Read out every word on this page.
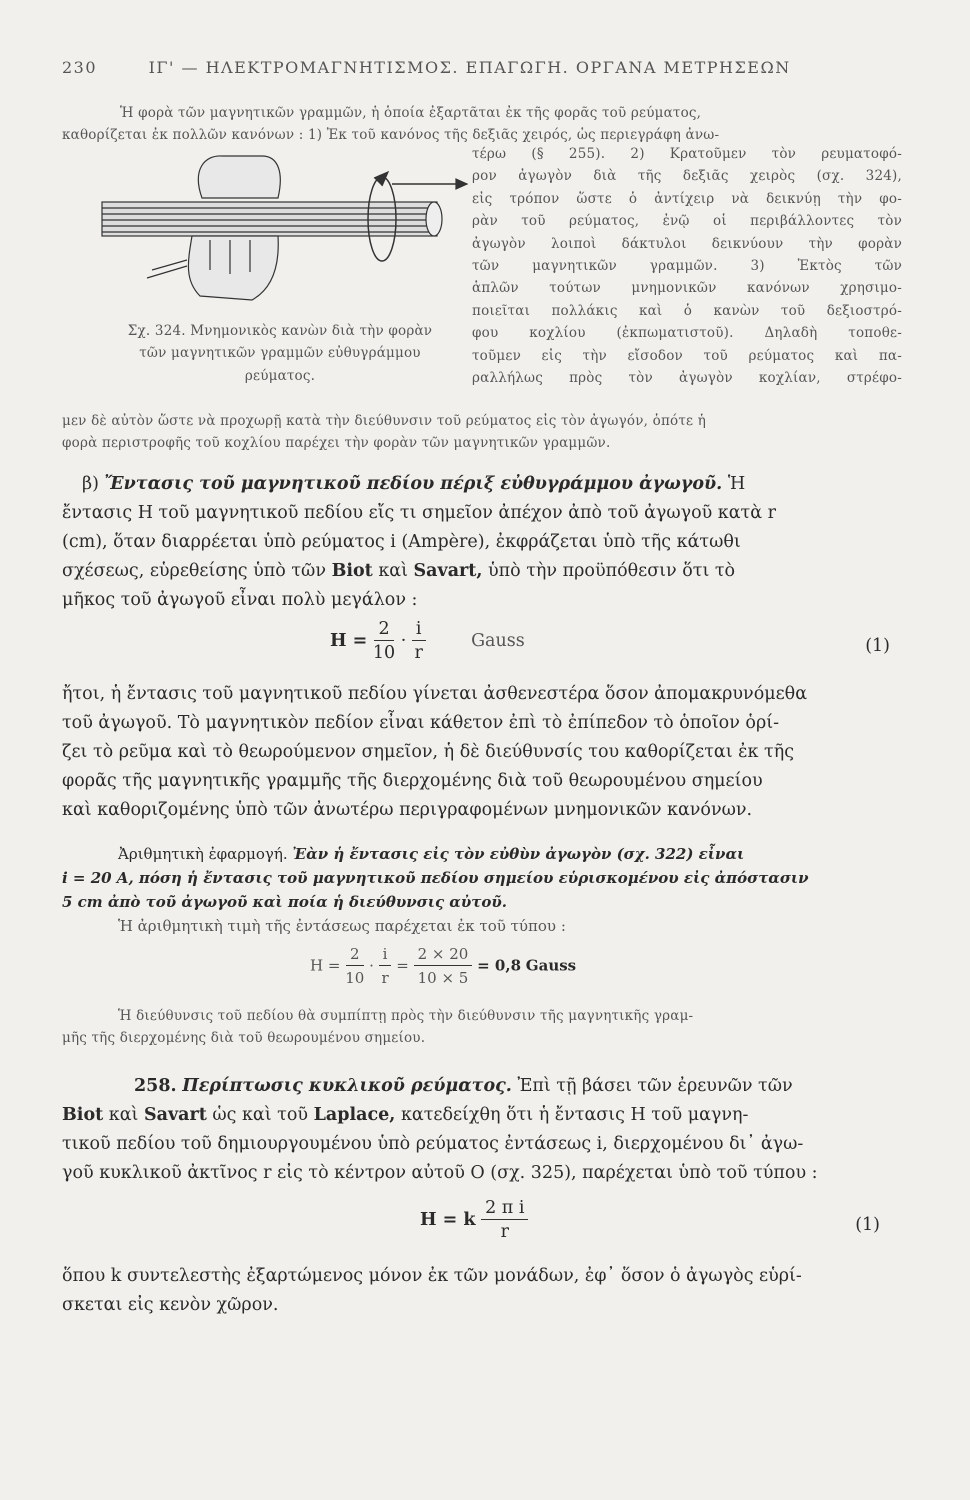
230	ΙΓ' — ΗΛΕΚΤΡΟΜΑΓΝΗΤΙΣΜΟΣ. ΕΠΑΓΩΓΗ. ΟΡΓΑΝΑ ΜΕΤΡΗΣΕΩΝ
Ἡ φορὰ τῶν μαγνητικῶν γραμμῶν, ἡ ὁποία ἐξαρτᾶται ἐκ τῆς φορᾶς τοῦ ρεύματος,
καθορίζεται ἐκ πολλῶν κανόνων : 1) Ἐκ τοῦ κανόνος τῆς δεξιᾶς χειρός, ὡς περιεγράφη ἀνω-
Σχ. 324. Μνημονικὸς κανὼν διὰ τὴν φορὰν
τῶν μαγνητικῶν γραμμῶν εὐθυγράμμου
ρεύματος.
τέρω (§ 255). 2) Κρατοῦμεν τὸν ρευματοφό-
ρον ἀγωγὸν διὰ τῆς δεξιᾶς χειρὸς (σχ. 324),
εἰς τρόπον ὥστε ὁ ἀντίχειρ νὰ δεικνύῃ τὴν φο-
ρὰν τοῦ ρεύματος, ἐνῷ οἱ περιβάλλοντες τὸν
ἀγωγὸν λοιποὶ δάκτυλοι δεικνύουν τὴν φορὰν
τῶν μαγνητικῶν γραμμῶν. 3) Ἐκτὸς τῶν
ἁπλῶν τούτων μνημονικῶν κανόνων χρησιμο-
ποιεῖται πολλάκις καὶ ὁ κανὼν τοῦ δεξιοστρό-
φου κοχλίου (ἐκπωματιστοῦ). Δηλαδὴ τοποθε-
τοῦμεν εἰς τὴν εἴσοδον τοῦ ρεύματος καὶ πα-
ραλλήλως πρὸς τὸν ἀγωγὸν κοχλίαν, στρέφο-
μεν δὲ αὐτὸν ὥστε νὰ προχωρῇ κατὰ τὴν διεύθυνσιν τοῦ ρεύματος εἰς τὸν ἀγωγόν, ὁπότε ἡ
φορὰ περιστροφῆς τοῦ κοχλίου παρέχει τὴν φορὰν τῶν μαγνητικῶν γραμμῶν.
β) Ἔντασις τοῦ μαγνητικοῦ πεδίου πέριξ εὐθυγράμμου ἀγωγοῦ. Ἡ
ἔντασις H τοῦ μαγνητικοῦ πεδίου εἴς τι σημεῖον ἀπέχον ἀπὸ τοῦ ἀγωγοῦ κατὰ r
(cm), ὅταν διαρρέεται ὑπὸ ρεύματος i (Ampère), ἐκφράζεται ὑπὸ τῆς κάτωθι
σχέσεως, εὑρεθείσης ὑπὸ τῶν Biot καὶ Savart, ὑπὸ τὴν προϋπόθεσιν ὅτι τὸ
μῆκος τοῦ ἀγωγοῦ εἶναι πολὺ μεγάλον :
$H = \frac{2}{10} \cdot \frac{i}{r}$	Gauss	(1)
ἤτοι, ἡ ἔντασις τοῦ μαγνητικοῦ πεδίου γίνεται ἀσθενεστέρα ὅσον ἀπομακρυνόμεθα
τοῦ ἀγωγοῦ. Τὸ μαγνητικὸν πεδίον εἶναι κάθετον ἐπὶ τὸ ἐπίπεδον τὸ ὁποῖον ὁρί-
ζει τὸ ρεῦμα καὶ τὸ θεωρούμενον σημεῖον, ἡ δὲ διεύθυνσίς του καθορίζεται ἐκ τῆς
φορᾶς τῆς μαγνητικῆς γραμμῆς τῆς διερχομένης διὰ τοῦ θεωρουμένου σημείου
καὶ καθοριζομένης ὑπὸ τῶν ἀνωτέρω περιγραφομένων μνημονικῶν κανόνων.
Ἀριθμητικὴ ἐφαρμογή. Ἐὰν ἡ ἔντασις εἰς τὸν εὐθὺν ἀγωγὸν (σχ. 322) εἶναι
i = 20 A, πόση ἡ ἔντασις τοῦ μαγνητικοῦ πεδίου σημείου εὑρισκομένου εἰς ἀπόστασιν
5 cm ἀπὸ τοῦ ἀγωγοῦ καὶ ποία ἡ διεύθυνσις αὐτοῦ.
Ἡ ἀριθμητικὴ τιμὴ τῆς ἐντάσεως παρέχεται ἐκ τοῦ τύπου :
$H = \frac{2}{10} \cdot \frac{i}{r} = \frac{2 \times 20}{10 \times 5} = 0,8$ Gauss
Ἡ διεύθυνσις τοῦ πεδίου θὰ συμπίπτῃ πρὸς τὴν διεύθυνσιν τῆς μαγνητικῆς γραμ-
μῆς τῆς διερχομένης διὰ τοῦ θεωρουμένου σημείου.
258. Περίπτωσις κυκλικοῦ ρεύματος. Ἐπὶ τῇ βάσει τῶν ἐρευνῶν τῶν
Biot καὶ Savart ὡς καὶ τοῦ Laplace, κατεδείχθη ὅτι ἡ ἔντασις H τοῦ μαγνη-
τικοῦ πεδίου τοῦ δημιουργουμένου ὑπὸ ρεύματος ἐντάσεως i, διερχομένου δι᾽ ἀγω-
γοῦ κυκλικοῦ ἀκτῖνος r εἰς τὸ κέντρον αὐτοῦ O (σχ. 325), παρέχεται ὑπὸ τοῦ τύπου :
H = k $\frac{\text{2 π i}}{r}$	(1)
ὅπου k συντελεστὴς ἐξαρτώμενος μόνον ἐκ τῶν μονάδων, ἐφ᾽ ὅσον ὁ ἀγωγὸς εὑρί-
σκεται εἰς κενὸν χῶρον.
